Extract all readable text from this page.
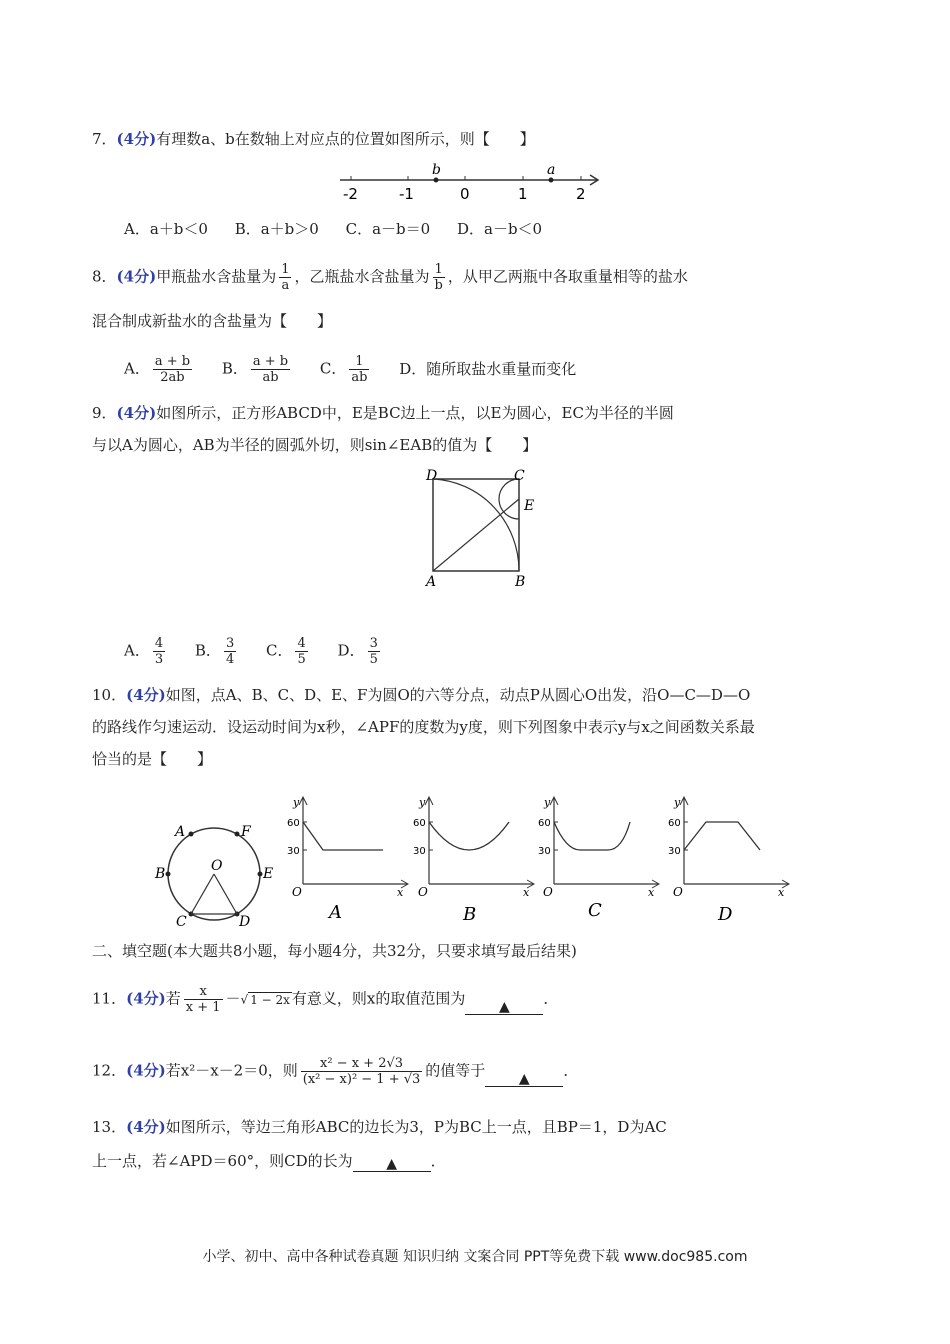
7．(4分)有理数a、b在数轴上对应点的位置如图所示，则【　　】
-2	-1	0	1	2
b	a
A．a＋b＜0 B．a＋b＞0 C．a－b＝0 D．a－b＜0
8．(4分)甲瓶盐水含盐量为 $\frac{1}{a}$ ，乙瓶盐水含盐量为 $\frac{1}{b}$ ，从甲乙两瓶中各取重量相等的盐水
混合制成新盐水的含盐量为【　　】
A． $\frac{a + b}{2ab}$ B． $\frac{a + b}{ab}$ C． $\frac{1}{ab}$ D．随所取盐水重量而变化
9．(4分)如图所示，正方形ABCD中，E是BC边上一点，以E为圆心，EC为半径的半圆
与以A为圆心，AB为半径的圆弧外切，则sin∠EAB的值为【　　】
D	C
E
A	B
A． $\frac{4}{3}$ B． $\frac{3}{4}$ C． $\frac{4}{5}$ D． $\frac{3}{5}$
10．(4分)如图，点A、B、C、D、E、F为圆O的六等分点，动点P从圆心O出发，沿O—C—D—O
的路线作匀速运动．设运动时间为x秒，∠APF的度数为y度，则下列图象中表示y与x之间函数关系最
恰当的是【　　】
A	F
B	O	E
C	D
y
x
O
60
30
A
y
x
O
60
30
B
y
x
O
60
30
C
y
x
O
60
30
D
二、填空题(本大题共8小题，每小题4分，共32分，只要求填写最后结果)
11．(4分)若 $\frac{x}{x + 1}$ －√ 1 − 2x 有意义，则x的取值范围为 ▲ ．
12．(4分)若x²－x－2＝0，则 $\frac{\text{x² − x + 2√3}}{\text{(x² − x)² − 1 + √3}}$ 的值等于 ▲ ．
13．(4分)如图所示，等边三角形ABC的边长为3，P为BC上一点，且BP＝1，D为AC
上一点，若∠APD＝60°，则CD的长为 ▲ ．
小学、初中、高中各种试卷真题 知识归纳 文案合同 PPT等免费下载 www.doc985.com
